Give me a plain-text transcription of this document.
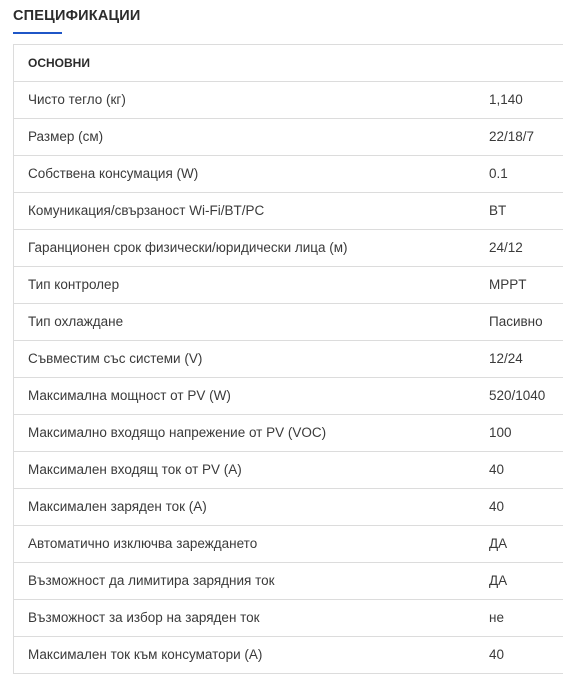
СПЕЦИФИКАЦИИ
ОСНОВНИ
Чисто тегло (кг)	1,140
Размер (см)	22/18/7
Собствена консумация (W)	0.1
Комуникация/свързаност Wi-Fi/BT/PC	BT
Гаранционен срок физически/юридически лица (м)	24/12
Тип контролер	MPPT
Тип охлаждане	Пасивно
Съвместим със системи (V)	12/24
Максимална мощност от PV (W)	520/1040
Максимално входящо напрежение от PV (VOC)	100
Максимален входящ ток от PV (A)	40
Максимален заряден ток (A)	40
Автоматично изключва зареждането	ДА
Възможност да лимитира зарядния ток	ДА
Възможност за избор на заряден ток	не
Максимален ток към консуматори (A)	40
